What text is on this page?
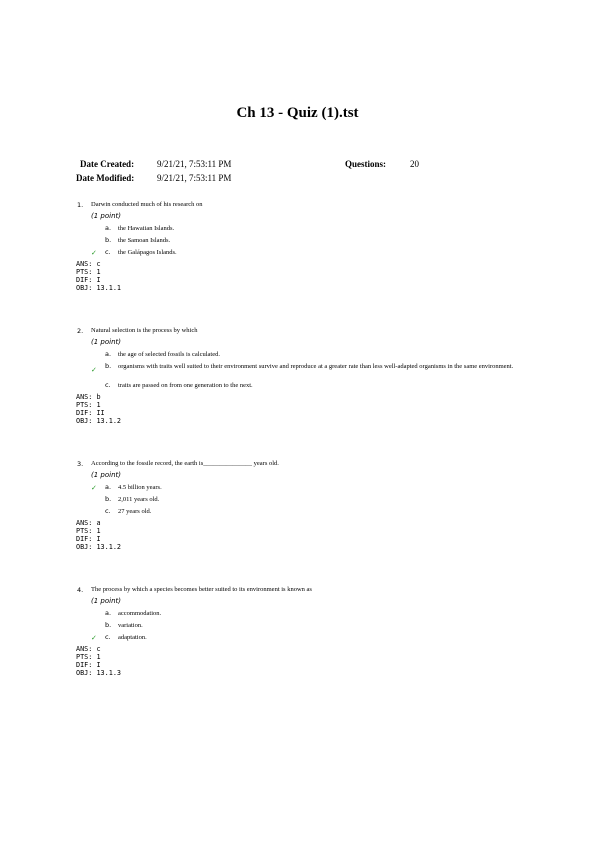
Ch 13 - Quiz (1).tst
Date Created:	9/21/21, 7:53:11 PM	Questions:	20
Date Modified:	9/21/21, 7:53:11 PM
1. Darwin conducted much of his research on
(1 point)
a. the Hawaiian Islands.
b. the Samoan Islands.
✓ c. the Galápagos Islands.
ANS: c
PTS: 1
DIF: I
OBJ: 13.1.1
2. Natural selection is the process by which
(1 point)
a. the age of selected fossils is calculated.
✓ b. organisms with traits well suited to their environment survive and reproduce at a greater rate than less well-adapted organisms in the same environment.
c. traits are passed on from one generation to the next.
ANS: b
PTS: 1
DIF: II
OBJ: 13.1.2
3. According to the fossile record, the earth is_______________ years old.
(1 point)
✓ a. 4.5 billion years.
b. 2,011 years old.
c. 27 years old.
ANS: a
PTS: 1
DIF: I
OBJ: 13.1.2
4. The process by which a species becomes better suited to its environment is known as
(1 point)
a. accommodation.
b. variation.
✓ c. adaptation.
ANS: c
PTS: 1
DIF: I
OBJ: 13.1.3
